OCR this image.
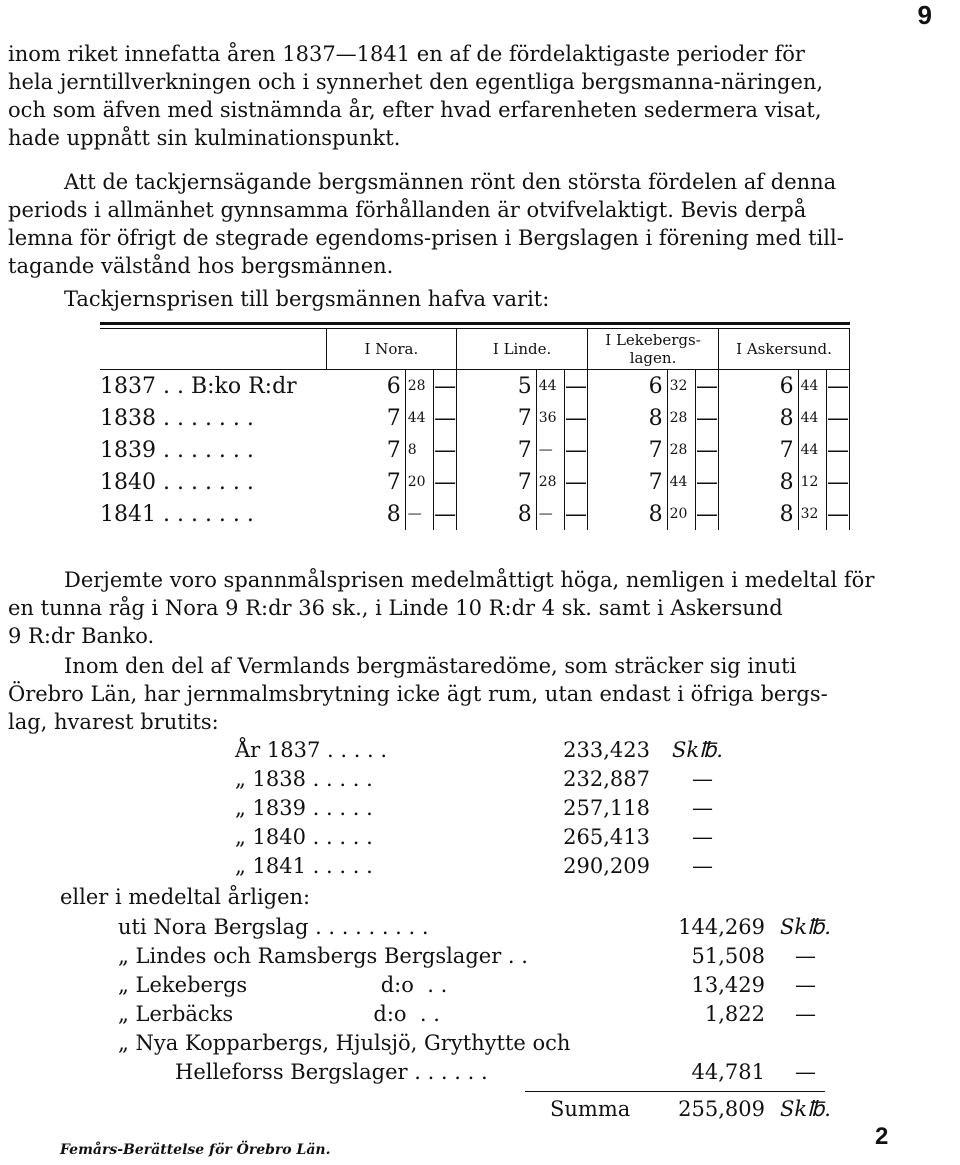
9
inom riket innefatta åren 1837—1841 en af de fördelaktigaste perioder för
hela jerntillverkningen och i synnerhet den egentliga bergsmanna-näringen,
och som äfven med sistnämnda år, efter hvad erfarenheten sedermera visat,
hade uppnått sin kulminationspunkt.
Att de tackjernsägande bergsmännen rönt den största fördelen af denna
periods i allmänhet gynnsamma förhållanden är otvifvelaktigt. Bevis derpå
lemna för öfrigt de stegrade egendoms-prisen i Bergslagen i förening med till-
tagande välstånd hos bergsmännen.
Tackjernsprisen till bergsmännen hafva varit:
	I Nora.			I Linde.			I Lekebergs-lagen.			I Askersund.		
1837 . . B:ko R:dr	6	28	—	5	44	—	6	32	—	6	44	—
1838 . . . . . . .	7	44	—	7	36	—	8	28	—	8	44	—
1839 . . . . . . .	7	8	—	7	—	—	7	28	—	7	44	—
1840 . . . . . . .	7	20	—	7	28	—	7	44	—	8	12	—
1841 . . . . . . .	8	—	—	8	—	—	8	20	—	8	32	—
Derjemte voro spannmålsprisen medelmåttigt höga, nemligen i medeltal för
en tunna råg i Nora 9 R:dr 36 sk., i Linde 10 R:dr 4 sk. samt i Askersund
9 R:dr Banko.
Inom den del af Vermlands bergmästaredöme, som sträcker sig inuti
Örebro Län, har jernmalmsbrytning icke ägt rum, utan endast i öfriga bergs-
lag, hvarest brutits:
År 1837 . . . . .	233,423 Sk℔.
„ 1838 . . . . .	232,887 —
„ 1839 . . . . .	257,118 —
„ 1840 . . . . .	265,413 —
„ 1841 . . . . .	290,209 —
eller i medeltal årligen:
uti Nora Bergslag . . . . . . . . .	144,269 Sk℔.
„ Lindes och Ramsbergs Bergslager . .	51,508 —
„ Lekebergs                    d:o  . .	13,429 —
„ Lerbäcks                     d:o  . .	1,822 —
„ Nya Kopparbergs, Hjulsjö, Grythytte och
Helleforss Bergslager . . . . . .	44,781 —
Summa	255,809 Sk℔.
Femårs-Berättelse för Örebro Län.	2
